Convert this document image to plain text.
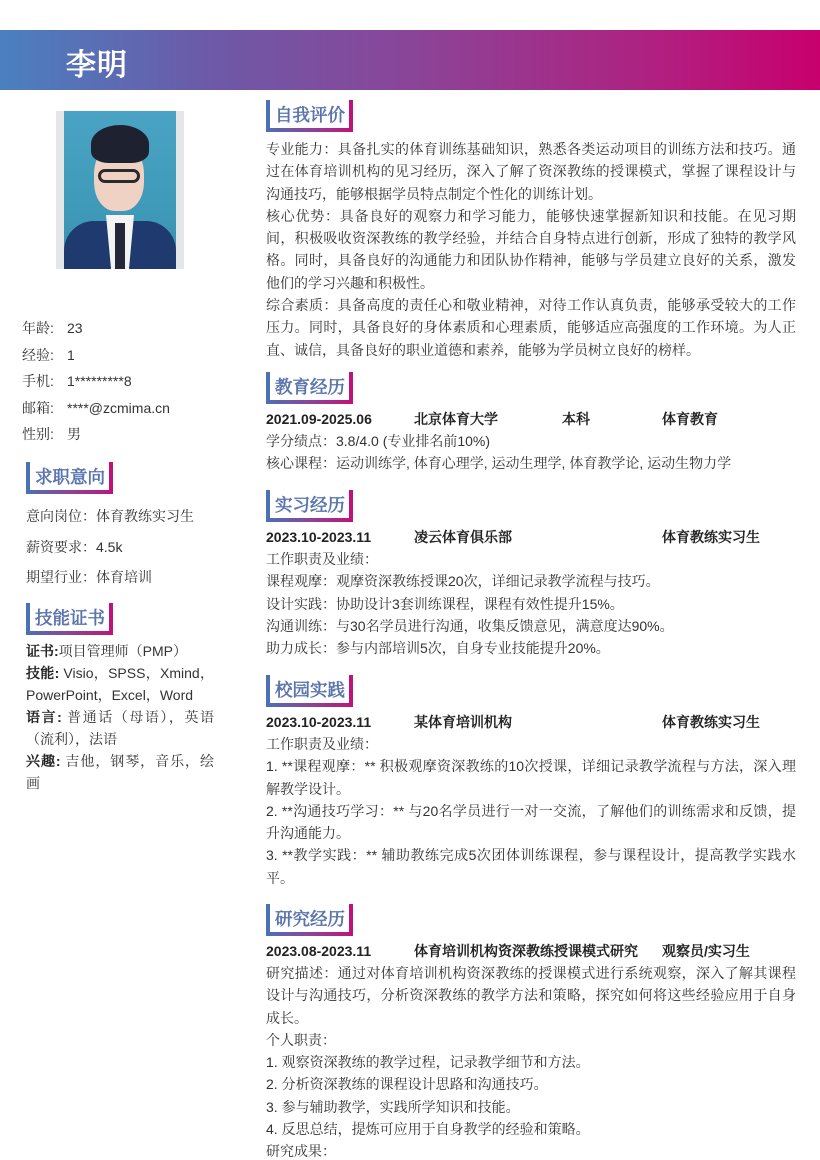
李明
年龄: 23
经验: 1
手机: 1*********8
邮箱: ****@zcmima.cn
性别: 男
求职意向
意向岗位：体育教练实习生
薪资要求：4.5k
期望行业：体育培训
技能证书
证书:项目管理师（PMP）
技能: Visio，SPSS，Xmind，PowerPoint，Excel，Word
语言: 普通话（母语），英语（流利），法语
兴趣: 吉他，钢琴，音乐，绘画
自我评价

专业能力：具备扎实的体育训练基础知识，熟悉各类运动项目的训练方法和技巧。通过在体育培训机构的见习经历，深入了解了资深教练的授课模式，掌握了课程设计与沟通技巧，能够根据学员特点制定个性化的训练计划。

核心优势：具备良好的观察力和学习能力，能够快速掌握新知识和技能。在见习期间，积极吸收资深教练的教学经验，并结合自身特点进行创新，形成了独特的教学风格。同时，具备良好的沟通能力和团队协作精神，能够与学员建立良好的关系，激发他们的学习兴趣和积极性。

综合素质：具备高度的责任心和敬业精神，对待工作认真负责，能够承受较大的工作压力。同时，具备良好的身体素质和心理素质，能够适应高强度的工作环境。为人正直、诚信，具备良好的职业道德和素养，能够为学员树立良好的榜样。

教育经历
2021.09-2025.06	北京体育大学	本科	体育教育
学分绩点：3.8/4.0 (专业排名前10%)
核心课程：运动训练学, 体育心理学, 运动生理学, 体育教学论, 运动生物力学
实习经历
2023.10-2023.11	凌云体育俱乐部	体育教练实习生
工作职责及业绩：
课程观摩：观摩资深教练授课20次，详细记录教学流程与技巧。
设计实践：协助设计3套训练课程，课程有效性提升15%。
沟通训练：与30名学员进行沟通，收集反馈意见，满意度达90%。
助力成长：参与内部培训5次，自身专业技能提升20%。
校园实践
2023.10-2023.11	某体育培训机构	体育教练实习生
工作职责及业绩：
1. **课程观摩：** 积极观摩资深教练的10次授课，详细记录教学流程与方法，深入理解教学设计。
2. **沟通技巧学习：** 与20名学员进行一对一交流，了解他们的训练需求和反馈，提升沟通能力。
3. **教学实践：** 辅助教练完成5次团体训练课程，参与课程设计，提高教学实践水平。
研究经历
2023.08-2023.11	体育培训机构资深教练授课模式研究	观察员/实习生
研究描述：通过对体育培训机构资深教练的授课模式进行系统观察，深入了解其课程设计与沟通技巧，分析资深教练的教学方法和策略，探究如何将这些经验应用于自身成长。
个人职责：
1. 观察资深教练的教学过程，记录教学细节和方法。
2. 分析资深教练的课程设计思路和沟通技巧。
3. 参与辅助教学，实践所学知识和技能。
4. 反思总结，提炼可应用于自身教学的经验和策略。
研究成果：
